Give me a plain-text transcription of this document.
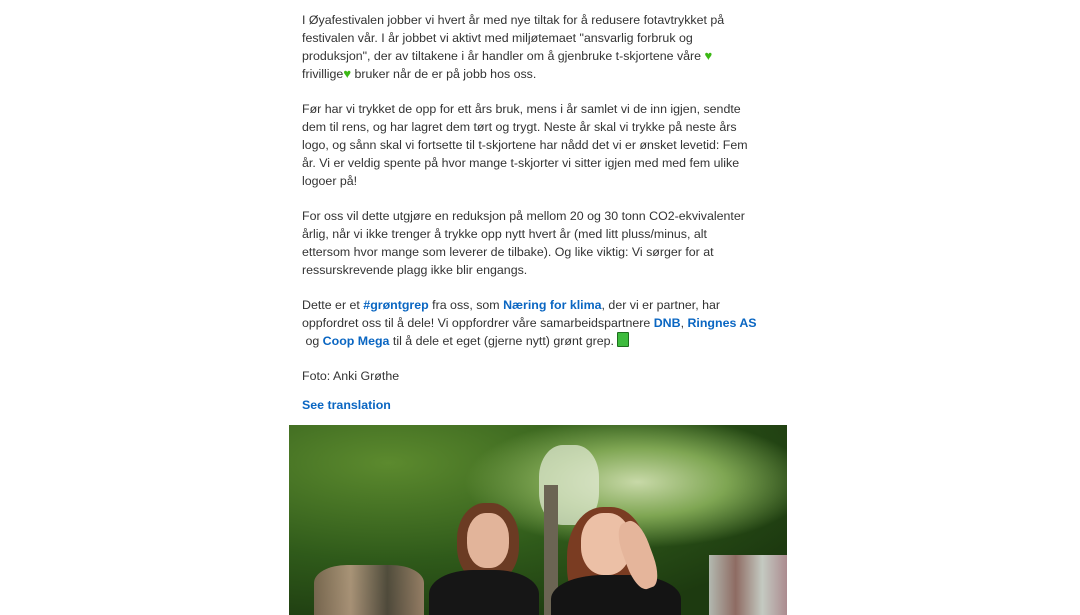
I Øyafestivalen jobber vi hvert år med nye tiltak for å redusere fotavtrykket på
festivalen vår. I år jobbet vi aktivt med miljøtemaet "ansvarlig forbruk og
produksjon", der av tiltakene i år handler om å gjenbruke t-skjortene våre ♥
frivillige♥ bruker når de er på jobb hos oss.

Før har vi trykket de opp for ett års bruk, mens i år samlet vi de inn igjen, sendte
dem til rens, og har lagret dem tørt og trygt. Neste år skal vi trykke på neste års
logo, og sånn skal vi fortsette til t-skjortene har nådd det vi er ønsket levetid: Fem
år. Vi er veldig spente på hvor mange t-skjorter vi sitter igjen med med fem ulike
logoer på!

For oss vil dette utgjøre en reduksjon på mellom 20 og 30 tonn CO2-ekvivalenter
årlig, når vi ikke trenger å trykke opp nytt hvert år (med litt pluss/minus, alt
ettersom hvor mange som leverer de tilbake). Og like viktig: Vi sørger for at
ressurskrevende plagg ikke blir engangs.

Dette er et #grøntgrep fra oss, som Næring for klima, der vi er partner, har
oppfordret oss til å dele! Vi oppfordrer våre samarbeidspartnere DNB, Ringnes AS
og Coop Mega til å dele et eget (gjerne nytt) grønt grep.

Foto: Anki Grøthe

See translation
